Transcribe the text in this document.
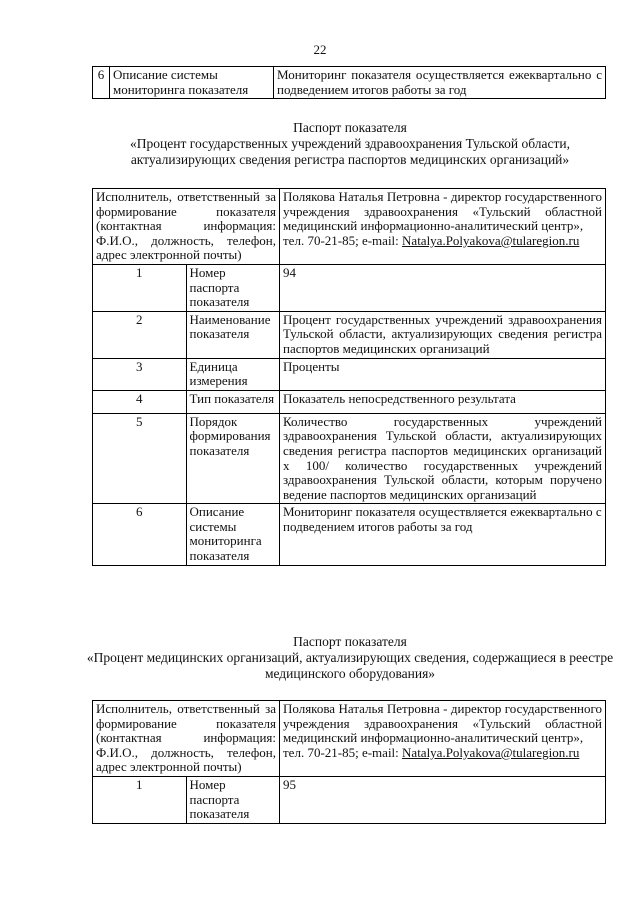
22
6	Описание системы мониторинга показателя	Мониторинг показателя осуществляется ежеквартально с подведением итогов работы за год
Паспорт показателя
«Процент государственных учреждений здравоохранения Тульской области, актуализирующих сведения регистра паспортов медицинских организаций»
Исполнитель, ответственный за формирование показателя (контактная информация: Ф.И.О., должность, телефон, адрес электронной почты)		Полякова Наталья Петровна - директор государственного учреждения здравоохранения «Тульский областной медицинский информационно-аналитический центр»,
тел. 70-21-85; e-mail: Natalya.Polyakova@tularegion.ru
1	Номер паспорта показателя	94
2	Наименование показателя	Процент государственных учреждений здравоохранения Тульской области, актуализирующих сведения регистра паспортов медицинских организаций
3	Единица измерения	Проценты
4	Тип показателя	Показатель непосредственного результата
5	Порядок формирования показателя	Количество государственных учреждений здравоохранения Тульской области, актуализирующих сведения регистра паспортов медицинских организаций x 100/ количество государственных учреждений здравоохранения Тульской области, которым поручено ведение паспортов медицинских организаций
6	Описание системы мониторинга показателя	Мониторинг показателя осуществляется ежеквартально с подведением итогов работы за год
Паспорт показателя
«Процент медицинских организаций, актуализирующих сведения, содержащиеся в реестре медицинского оборудования»
Исполнитель, ответственный за формирование показателя (контактная информация: Ф.И.О., должность, телефон, адрес электронной почты)		Полякова Наталья Петровна - директор государственного учреждения здравоохранения «Тульский областной медицинский информационно-аналитический центр»,
тел. 70-21-85; e-mail: Natalya.Polyakova@tularegion.ru
1	Номер паспорта показателя	95
